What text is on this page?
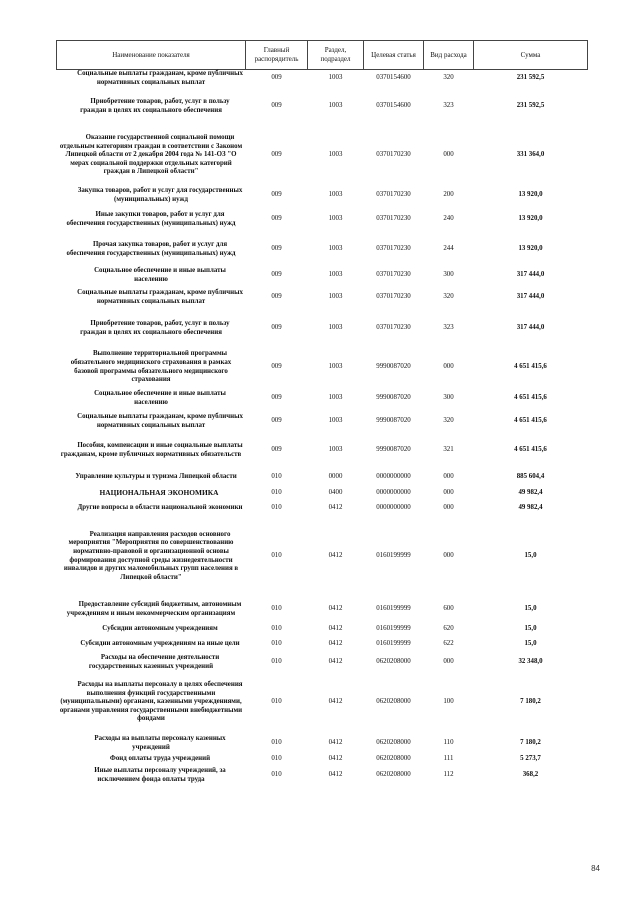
Наименование показателя	Главный распорядитель	Раздел, подраздел	Целевая статья	Вид расхода	Сумма
Социальные выплаты гражданам, кроме публичных нормативных социальных выплат	009	1003	0370154600	320	231 592,5
Приобретение товаров, работ, услуг в пользу граждан в целях их социального обеспечения	009	1003	0370154600	323	231 592,5
Оказание государственной социальной помощи отдельным категориям граждан в соответствии с Законом Липецкой области от 2 декабря 2004 года № 141-ОЗ "О мерах социальной поддержки отдельных категорий граждан в Липецкой области"	009	1003	0370170230	000	331 364,0
Закупка товаров, работ и услуг для государственных (муниципальных) нужд	009	1003	0370170230	200	13 920,0
Иные закупки товаров, работ и услуг для обеспечения государственных (муниципальных) нужд	009	1003	0370170230	240	13 920,0
Прочая закупка товаров, работ и услуг для обеспечения государственных (муниципальных) нужд	009	1003	0370170230	244	13 920,0
Социальное обеспечение и иные выплаты населению	009	1003	0370170230	300	317 444,0
Социальные выплаты гражданам, кроме публичных нормативных социальных выплат	009	1003	0370170230	320	317 444,0
Приобретение товаров, работ, услуг в пользу граждан в целях их социального обеспечения	009	1003	0370170230	323	317 444,0
Выполнение территориальной программы обязательного медицинского страхования в рамках базовой программы обязательного медицинского страхования	009	1003	9990087020	000	4 651 415,6
Социальное обеспечение и иные выплаты населению	009	1003	9990087020	300	4 651 415,6
Социальные выплаты гражданам, кроме публичных нормативных социальных выплат	009	1003	9990087020	320	4 651 415,6
Пособия, компенсации и иные социальные выплаты гражданам, кроме публичных нормативных обязательств	009	1003	9990087020	321	4 651 415,6
Управление культуры и туризма Липецкой области	010	0000	0000000000	000	885 604,4
НАЦИОНАЛЬНАЯ ЭКОНОМИКА	010	0400	0000000000	000	49 982,4
Другие вопросы в области национальной экономики	010	0412	0000000000	000	49 982,4
Реализация направления расходов основного мероприятия "Мероприятия по совершенствованию нормативно-правовой и организационной основы формирования доступной среды жизнедеятельности инвалидов и других маломобильных групп населения в Липецкой области"	010	0412	0160199999	000	15,0
Предоставление субсидий бюджетным, автономным учреждениям и иным некоммерческим организациям	010	0412	0160199999	600	15,0
Субсидии автономным учреждениям	010	0412	0160199999	620	15,0
Субсидии автономным учреждениям на иные цели	010	0412	0160199999	622	15,0
Расходы на обеспечение деятельности государственных казенных учреждений	010	0412	0620208000	000	32 348,0
Расходы на выплаты персоналу в целях обеспечения выполнения функций государственными (муниципальными) органами, казенными учреждениями, органами управления государственными внебюджетными фондами	010	0412	0620208000	100	7 180,2
Расходы на выплаты персоналу казенных учреждений	010	0412	0620208000	110	7 180,2
Фонд оплаты труда учреждений	010	0412	0620208000	111	5 273,7
Иные выплаты персоналу учреждений, за исключением фонда оплаты труда	010	0412	0620208000	112	368,2
84
